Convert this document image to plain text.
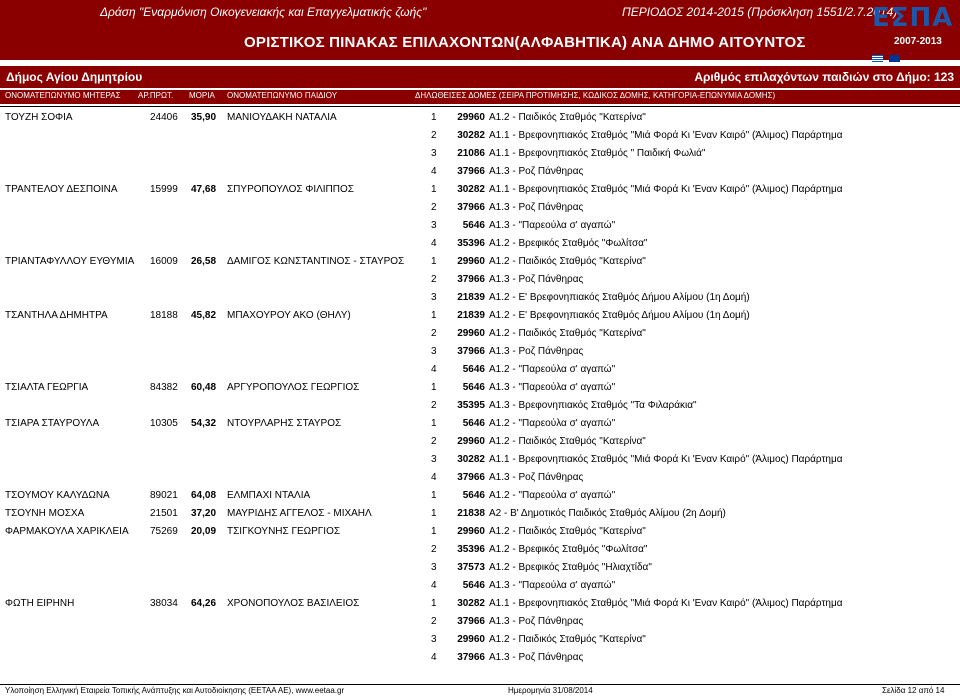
Δράση "Εναρμόνιση Οικογενειακής και Επαγγελματικής ζωής"	ΠΕΡΙΟΔΟΣ 2014-2015 (Πρόσκληση 1551/2.7.2014)
ΟΡΙΣΤΙΚΟΣ ΠΙΝΑΚΑΣ ΕΠΙΛΑΧΟΝΤΩΝ(ΑΛΦΑΒΗΤΙΚΑ) ΑΝΑ ΔΗΜΟ ΑΙΤΟΥΝΤΟΣ
ΕΣΠΑ
2007-2013

Δήμος Αγίου Δημητρίου	Αριθμός επιλαχόντων παιδιών στο Δήμο: 123
ΟΝΟΜΑΤΕΠΩΝΥΜΟ ΜΗΤΕΡΑΣ ΑΡ.ΠΡΩΤ. ΜΟΡΙΑ ΟΝΟΜΑΤΕΠΩΝΥΜΟ ΠΑΙΔΙΟΥ	ΔΗΛΩΘΕΙΣΕΣ ΔΟΜΕΣ (ΣΕΙΡΑ ΠΡΟΤΙΜΗΣΗΣ, ΚΩΔΙΚΟΣ ΔΟΜΗΣ, ΚΑΤΗΓΟΡΙΑ-ΕΠΩΝΥΜΙΑ ΔΟΜΗΣ)
ΤΟΥΖΗ ΣΟΦΙΑ	24406 35,90 ΜΑΝΙΟΥΔΑΚΗ ΝΑΤΑΛΙΑ	1	29960 Α1.2 - Παιδικός Σταθμός "Κατερίνα"
2	30282 Α1.1 - Βρεφονηπιακός Σταθμός "Μιά Φορά Κι 'Εναν Καιρό" (Άλιμος) Παράρτημα
3	21086 Α1.1 - Βρεφονηπιακός Σταθμός " Παιδική Φωλιά"
4	37966 Α1.3 - Ροζ Πάνθηρας
ΤΡΑΝΤΕΛΟΥ ΔΕΣΠΟΙΝΑ	15999 47,68 ΣΠΥΡΟΠΟΥΛΟΣ ΦΙΛΙΠΠΟΣ	1	30282 Α1.1 - Βρεφονηπιακός Σταθμός "Μιά Φορά Κι 'Εναν Καιρό" (Άλιμος) Παράρτημα
2	37966 Α1.3 - Ροζ Πάνθηρας
3	5646 Α1.3 - "Παρεούλα σ' αγαπώ"
4	35396 Α1.2 - Βρεφικός Σταθμός "Φωλίτσα"
ΤΡΙΑΝΤΑΦΥΛΛΟΥ ΕΥΘΥΜΙΑ 16009 26,58 ΔΑΜΙΓΟΣ ΚΩΝΣΤΑΝΤΙΝΟΣ - ΣΤΑΥΡΟΣ	1	29960 Α1.2 - Παιδικός Σταθμός "Κατερίνα"
2	37966 Α1.3 - Ροζ Πάνθηρας
3	21839 Α1.2 - Ε' Βρεφονηπιακός Σταθμός Δήμου Αλίμου (1η Δομή)
ΤΣΑΝΤΗΛΑ ΔΗΜΗΤΡΑ	18188 45,82 ΜΠΑΧΟΥΡΟΥ ΑΚΟ (ΘΗΛΥ)	1	21839 Α1.2 - Ε' Βρεφονηπιακός Σταθμός Δήμου Αλίμου (1η Δομή)
2	29960 Α1.2 - Παιδικός Σταθμός "Κατερίνα"
3	37966 Α1.3 - Ροζ Πάνθηρας
4	5646 Α1.2 - "Παρεούλα σ' αγαπώ"
ΤΣΙΑΛΤΑ ΓΕΩΡΓΙΑ	84382 60,48 ΑΡΓΥΡΟΠΟΥΛΟΣ ΓΕΩΡΓΙΟΣ	1	5646 Α1.3 - "Παρεούλα σ' αγαπώ"
2	35395 Α1.3 - Βρεφονηπιακός Σταθμός "Τα Φιλαράκια"
ΤΣΙΑΡΑ ΣΤΑΥΡΟΥΛΑ	10305 54,32 ΝΤΟΥΡΛΑΡΗΣ ΣΤΑΥΡΟΣ	1	5646 Α1.2 - "Παρεούλα σ' αγαπώ"
2	29960 Α1.2 - Παιδικός Σταθμός "Κατερίνα"
3	30282 Α1.1 - Βρεφονηπιακός Σταθμός "Μιά Φορά Κι 'Εναν Καιρό" (Άλιμος) Παράρτημα
4	37966 Α1.3 - Ροζ Πάνθηρας
ΤΣΟΥΜΟΥ ΚΑΛΥΔΩΝΑ	89021 64,08 ΕΛΜΠΑΧΙ ΝΤΑΛΙΑ	1	5646 Α1.2 - "Παρεούλα σ' αγαπώ"
ΤΣΟΥΝΗ ΜΟΣΧΑ	21501 37,20 ΜΑΥΡΙΔΗΣ ΑΓΓΕΛΟΣ - ΜΙΧΑΗΛ	1	21838 Α2 - Β' Δημοτικός Παιδικός Σταθμός Αλίμου (2η Δομή)
ΦΑΡΜΑΚΟΥΛΑ ΧΑΡΙΚΛΕΙΑ 75269 20,09 ΤΣΙΓΚΟΥΝΗΣ ΓΕΩΡΓΙΟΣ	1	29960 Α1.2 - Παιδικός Σταθμός "Κατερίνα"
2	35396 Α1.2 - Βρεφικός Σταθμός "Φωλίτσα"
3	37573 Α1.2 - Βρεφικός Σταθμός "Ηλιαχτίδα"
4	5646 Α1.3 - "Παρεούλα σ' αγαπώ"
ΦΩΤΗ ΕΙΡΗΝΗ	38034 64,26 ΧΡΟΝΟΠΟΥΛΟΣ ΒΑΣΙΛΕΙΟΣ	1	30282 Α1.1 - Βρεφονηπιακός Σταθμός "Μιά Φορά Κι 'Εναν Καιρό" (Άλιμος) Παράρτημα
2	37966 Α1.3 - Ροζ Πάνθηρας
3	29960 Α1.2 - Παιδικός Σταθμός "Κατερίνα"
4	37966 Α1.3 - Ροζ Πάνθηρας
Υλοποίηση Ελληνική Εταιρεία Τοπικής Ανάπτυξης και Αυτοδιοίκησης (ΕΕΤΑΑ ΑΕ), www.eetaa.gr	Ημερομηνία 31/08/2014	Σελίδα 12 από 14
